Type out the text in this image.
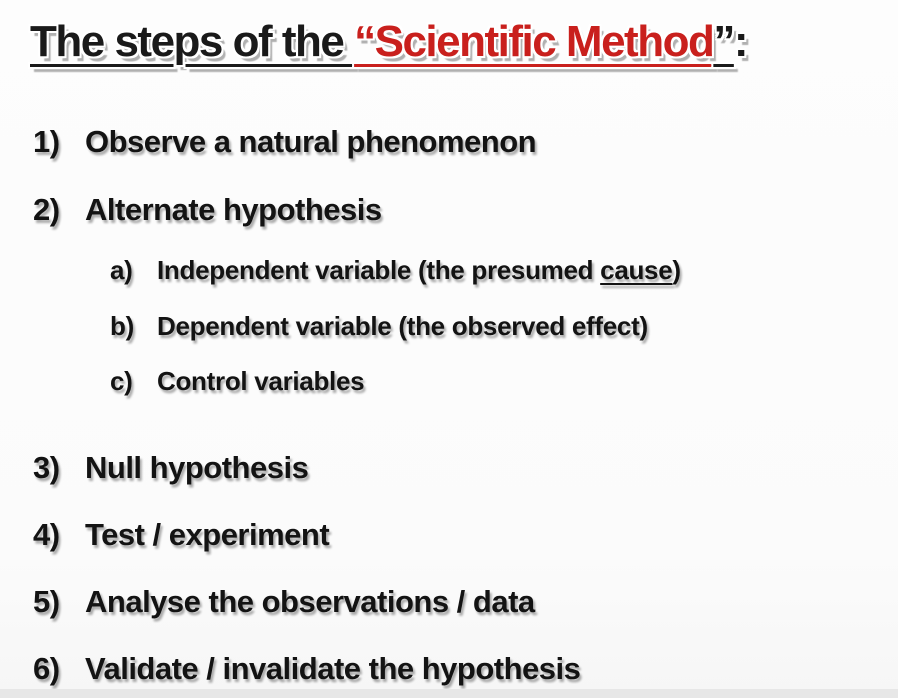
The steps of the “Scientific Method”:
1) Observe a natural phenomenon
2) Alternate hypothesis
a) Independent variable (the presumed cause)
b) Dependent variable (the observed effect)
c) Control variables
3) Null hypothesis
4) Test / experiment
5) Analyse the observations / data
6) Validate / invalidate the hypothesis
